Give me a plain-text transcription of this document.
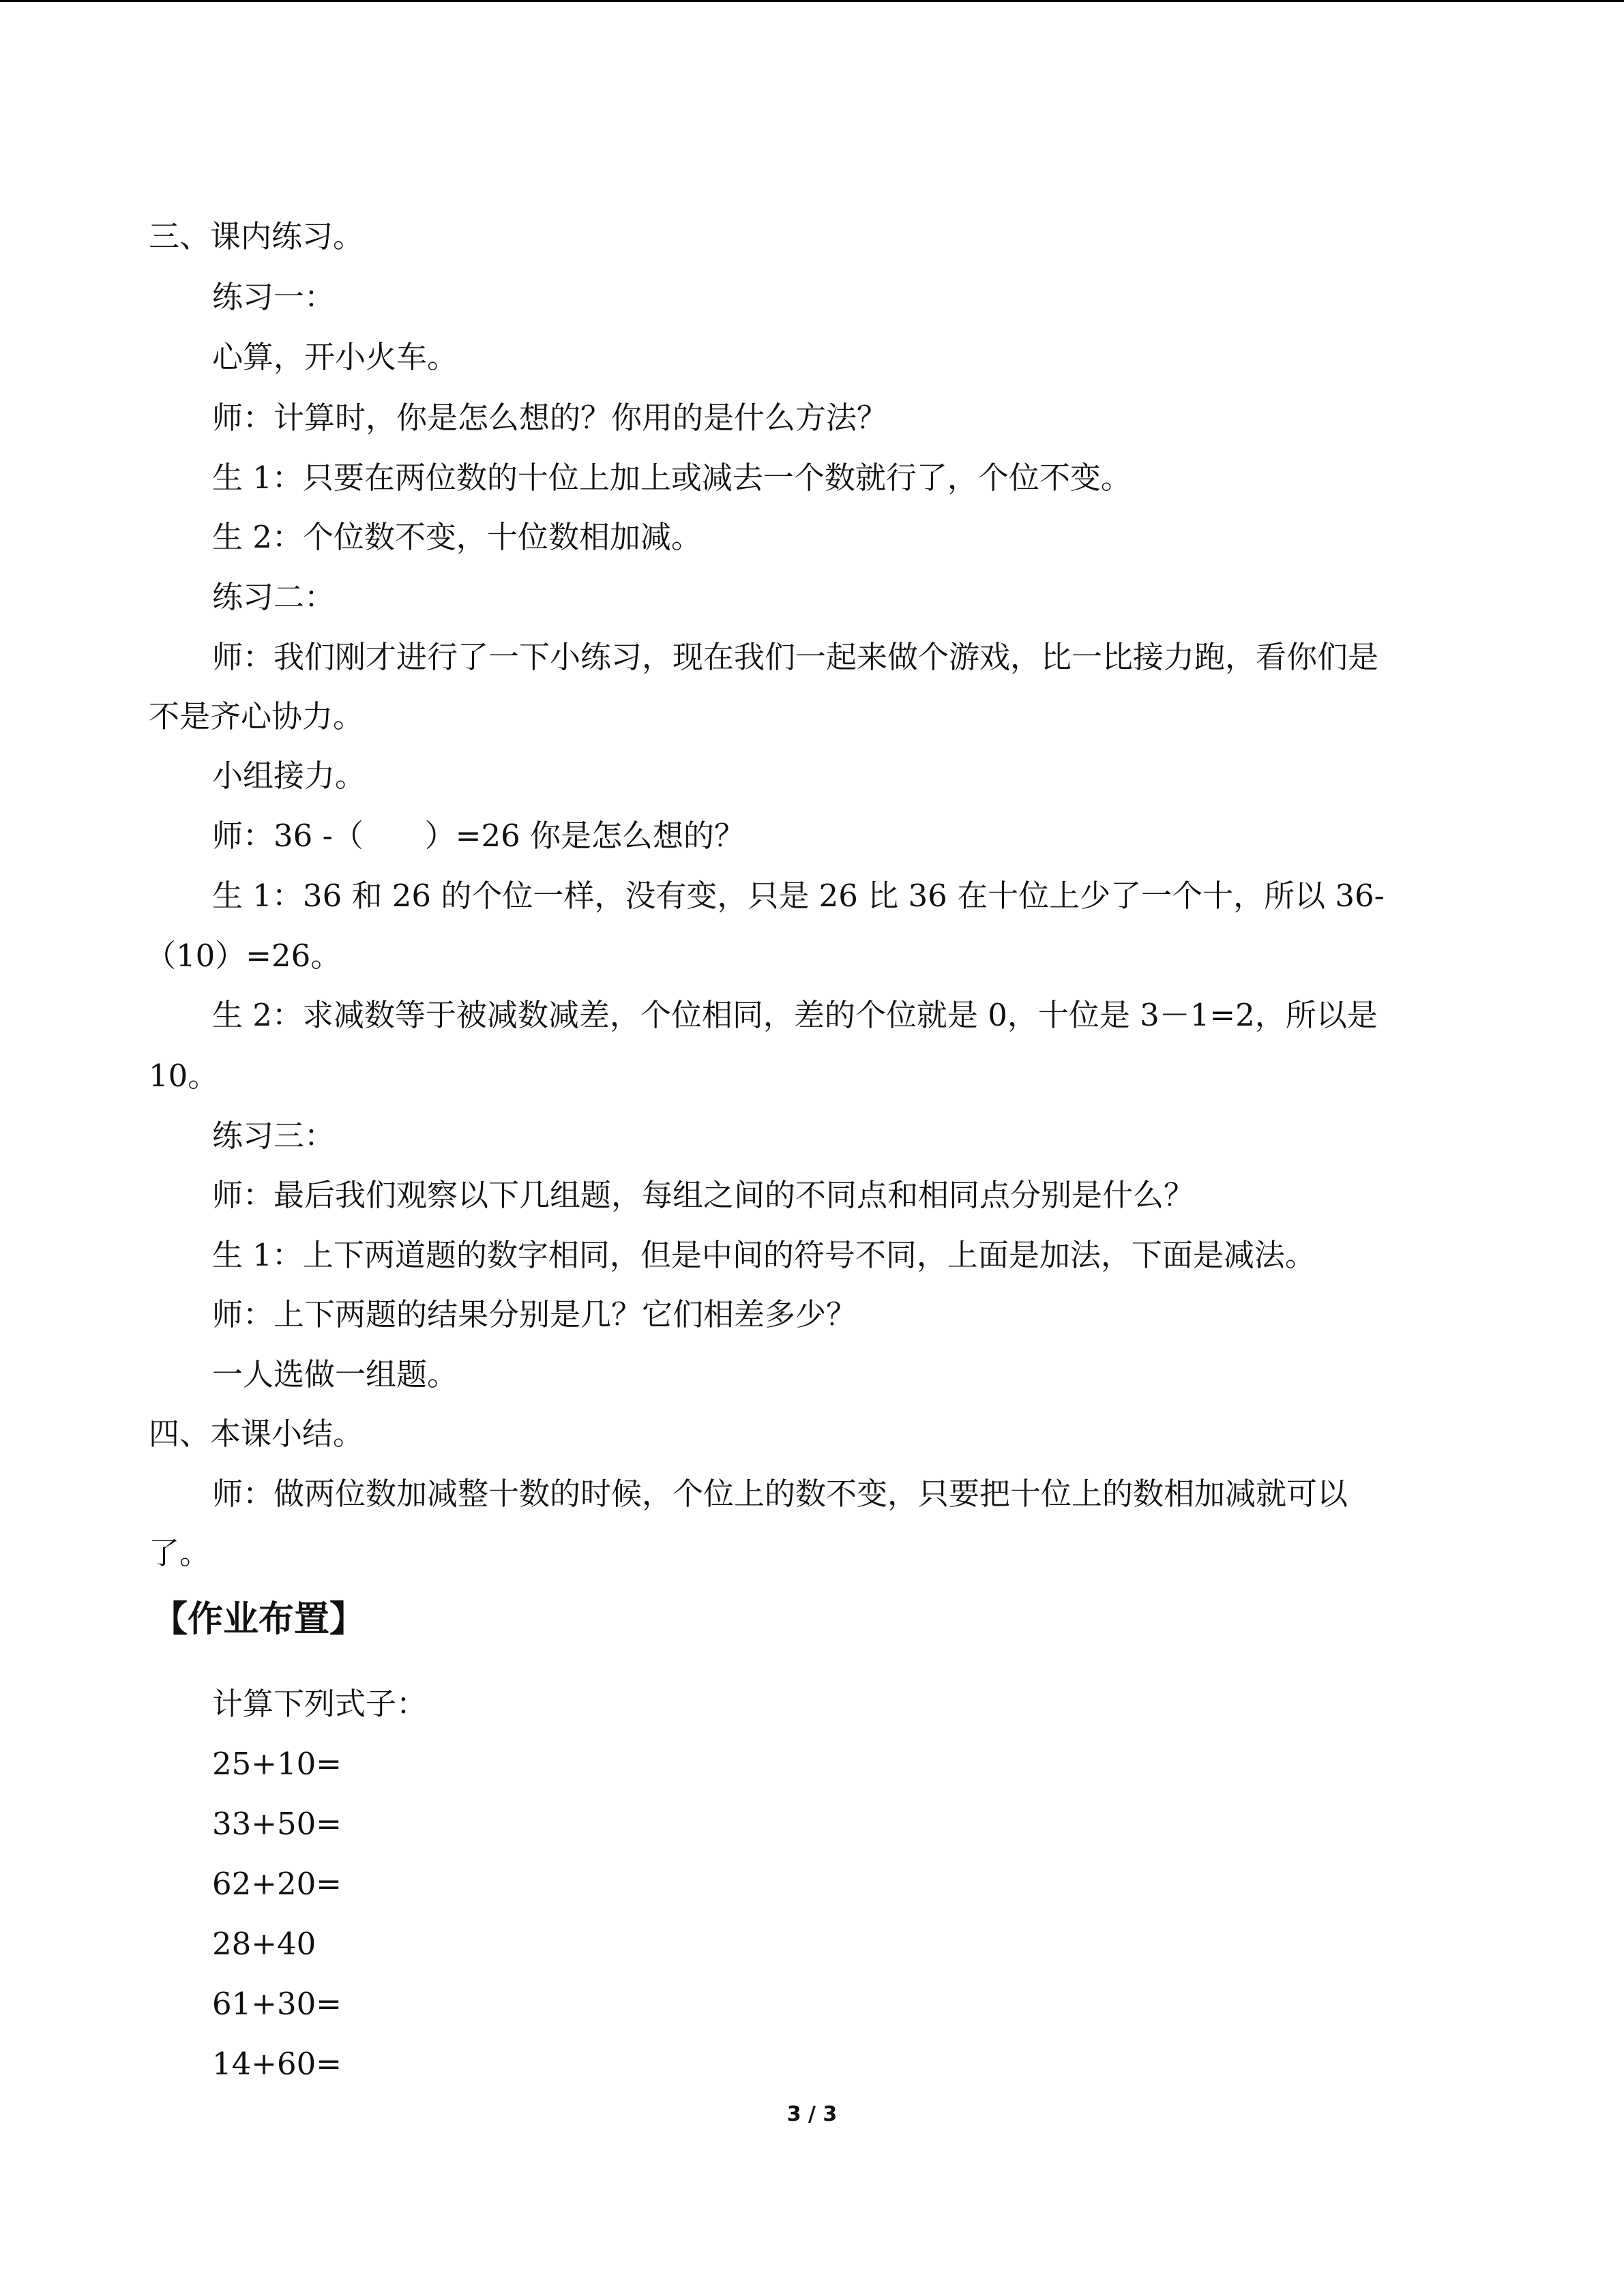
三、课内练习。

练习一：

心算，开小火车。

师：计算时，你是怎么想的？你用的是什么方法？

生 1：只要在两位数的十位上加上或减去一个数就行了，个位不变。

生 2：个位数不变，十位数相加减。

练习二：

师：我们刚才进行了一下小练习，现在我们一起来做个游戏，比一比接力跑，看你们是

不是齐心协力。

小组接力。

师：36 -（　　）=26 你是怎么想的？

生 1：36 和 26 的个位一样，没有变，只是 26 比 36 在十位上少了一个十，所以 36-

（10）=26。

生 2：求减数等于被减数减差，个位相同，差的个位就是 0，十位是 3－1=2，所以是

10。

练习三：

师：最后我们观察以下几组题，每组之间的不同点和相同点分别是什么？

生 1：上下两道题的数字相同，但是中间的符号不同，上面是加法，下面是减法。

师：上下两题的结果分别是几？它们相差多少？

一人选做一组题。

四、本课小结。

师：做两位数加减整十数的时候，个位上的数不变，只要把十位上的数相加减就可以

了。

【作业布置】

计算下列式子：

25+10=

33+50=

62+20=

28+40

61+30=

14+60=

3 / 3
